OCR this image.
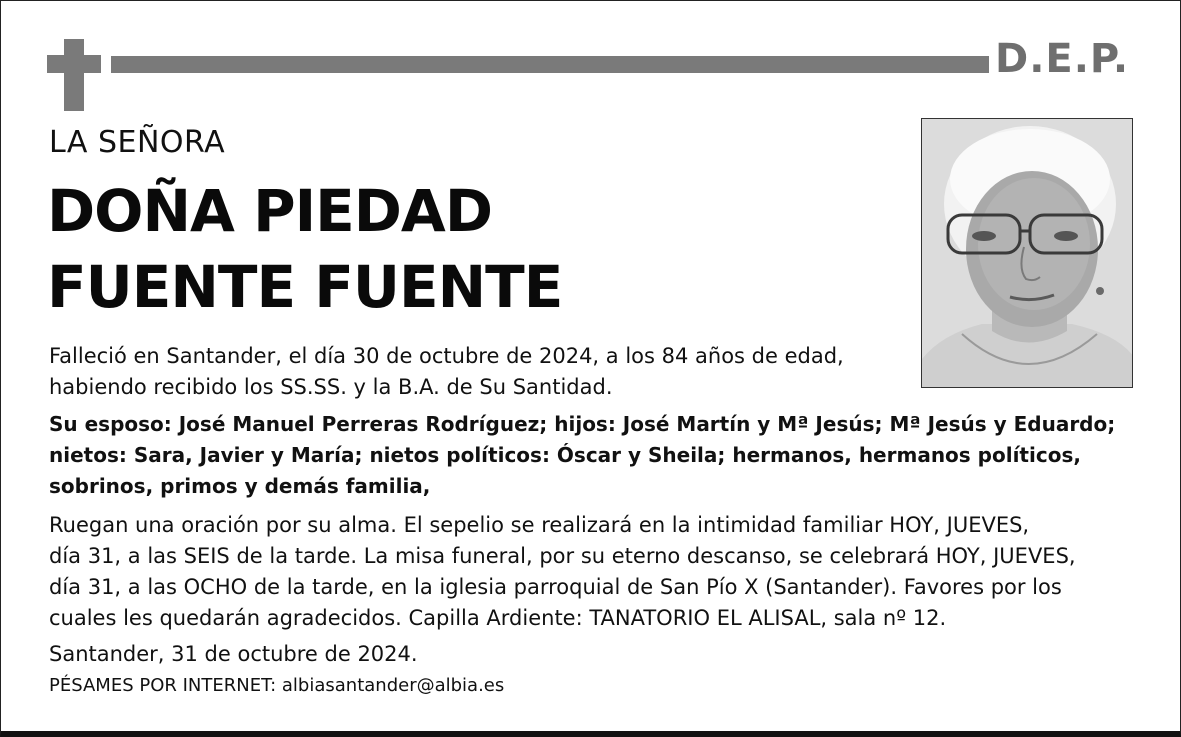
D.E.P.
LA SEÑORA
DOÑA PIEDAD
FUENTE FUENTE
Falleció en Santander, el día 30 de octubre de 2024, a los 84 años de edad,
habiendo recibido los SS.SS. y la B.A. de Su Santidad.
Su esposo: José Manuel Perreras Rodríguez; hijos: José Martín y Mª Jesús; Mª Jesús y Eduardo;
nietos: Sara, Javier y María; nietos políticos: Óscar y Sheila; hermanos, hermanos políticos,
sobrinos, primos y demás familia,
Ruegan una oración por su alma. El sepelio se realizará en la intimidad familiar HOY, JUEVES,
día 31, a las SEIS de la tarde. La misa funeral, por su eterno descanso, se celebrará HOY, JUEVES,
día 31, a las OCHO de la tarde, en la iglesia parroquial de San Pío X (Santander). Favores por los
cuales les quedarán agradecidos. Capilla Ardiente: TANATORIO EL ALISAL, sala nº 12.
Santander, 31 de octubre de 2024.
PÉSAMES POR INTERNET: albiasantander@albia.es
